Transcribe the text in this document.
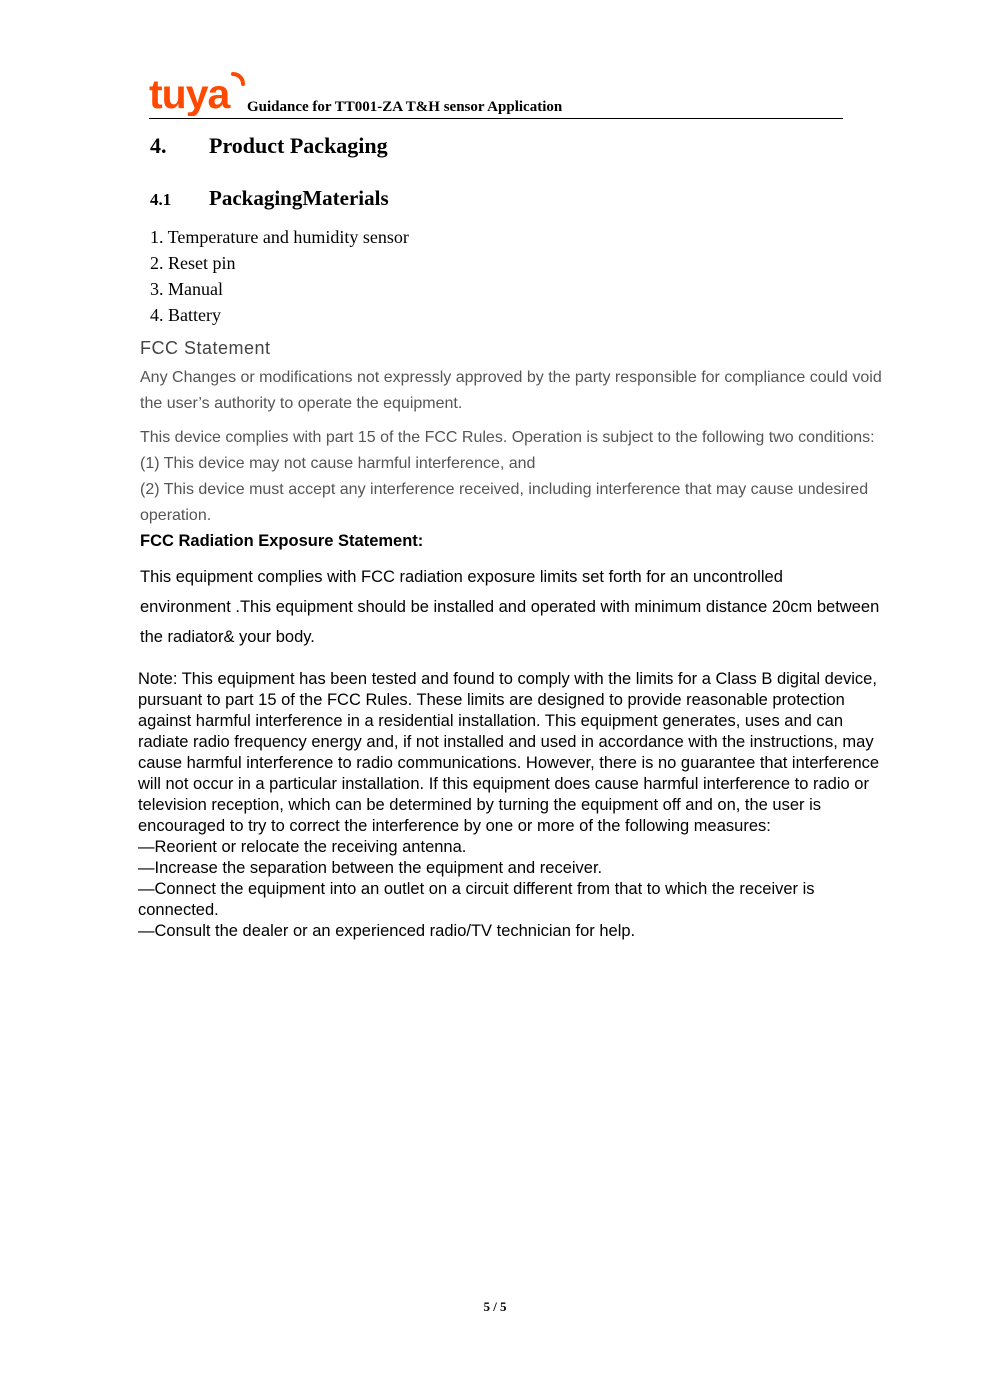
tuya Guidance for TT001-ZA T&H sensor Application
4. Product Packaging
4.1 PackagingMaterials
1. Temperature and humidity sensor
2. Reset pin
3. Manual
4. Battery
FCC Statement
Any Changes or modifications not expressly approved by the party responsible for compliance could void
the user’s authority to operate the equipment.
This device complies with part 15 of the FCC Rules. Operation is subject to the following two conditions:
(1) This device may not cause harmful interference, and
(2) This device must accept any interference received, including interference that may cause undesired
operation.
FCC Radiation Exposure Statement:
This equipment complies with FCC radiation exposure limits set forth for an uncontrolled
environment .This equipment should be installed and operated with minimum distance 20cm between
the radiator& your body.

Note: This equipment has been tested and found to comply with the limits for a Class B digital device,

pursuant to part 15 of the FCC Rules. These limits are designed to provide reasonable protection

against harmful interference in a residential installation. This equipment generates, uses and can

radiate radio frequency energy and, if not installed and used in accordance with the instructions, may

cause harmful interference to radio communications. However, there is no guarantee that interference

will not occur in a particular installation. If this equipment does cause harmful interference to radio or

television reception, which can be determined by turning the equipment off and on, the user is

encouraged to try to correct the interference by one or more of the following measures:

—Reorient or relocate the receiving antenna.

—Increase the separation between the equipment and receiver.

—Connect the equipment into an outlet on a circuit different from that to which the receiver is

connected.

—Consult the dealer or an experienced radio/TV technician for help.

5 / 5
